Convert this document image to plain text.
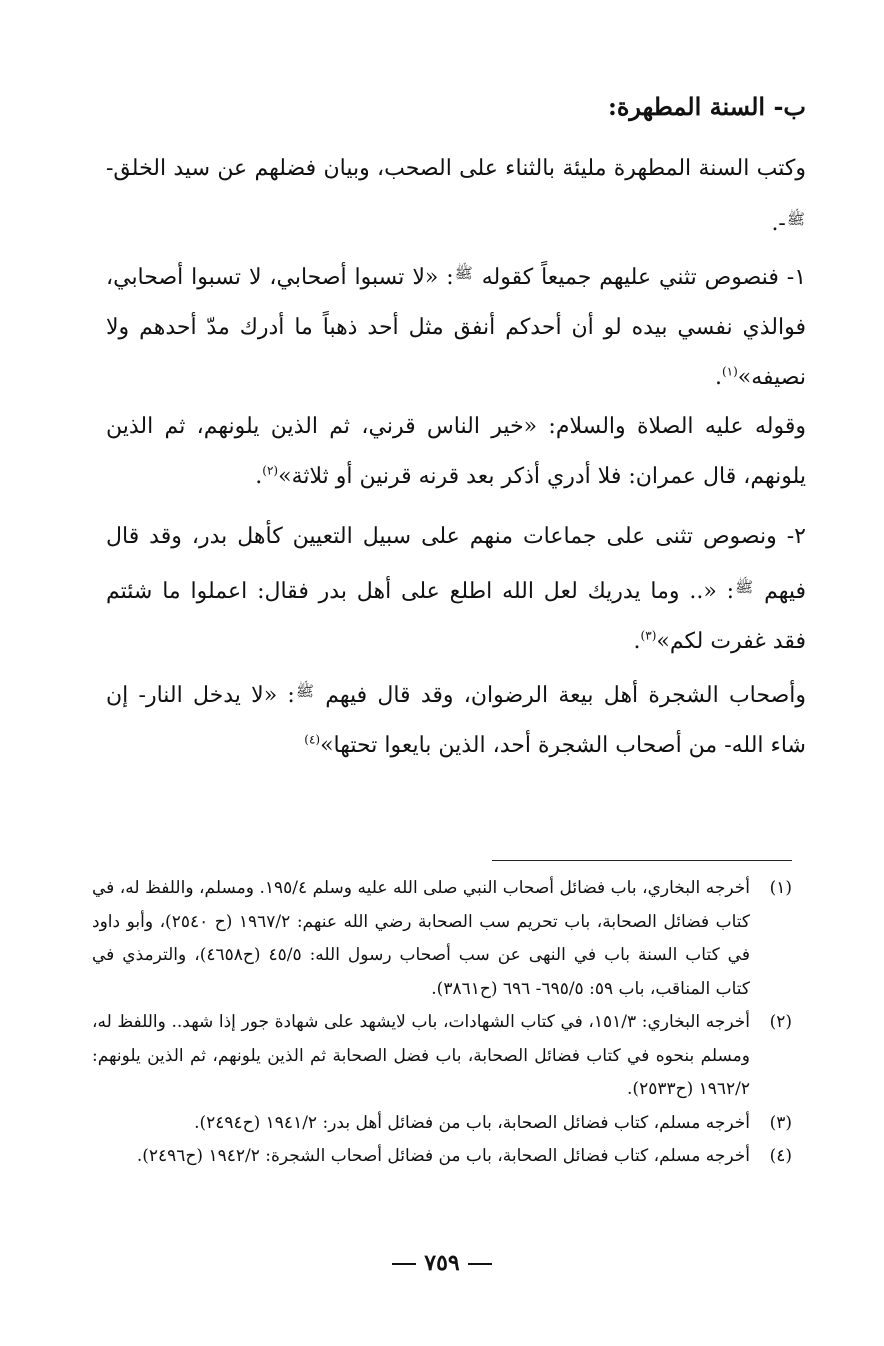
ب- السنة المطهرة:

وكتب السنة المطهرة مليئة بالثناء على الصحب، وبيان فضلهم عن سيد الخلق-$^ﷺ$-.

١- فنصوص تثني عليهم جميعاً كقوله $^ﷺ$: «لا تسبوا أصحابي، لا تسبوا أصحابي، فوالذي نفسي بيده لو أن أحدكم أنفق مثل أحد ذهباً ما أدرك مدّ أحدهم ولا نصيفه»$^{(١)}$.

وقوله عليه الصلاة والسلام: «خير الناس قرني، ثم الذين يلونهم، ثم الذين يلونهم، قال عمران: فلا أدري أذكر بعد قرنه قرنين أو ثلاثة»$^{(٢)}$.

٢- ونصوص تثنى على جماعات منهم على سبيل التعيين كأهل بدر، وقد قال فيهم $^ﷺ$: «.. وما يدريك لعل الله اطلع على أهل بدر فقال: اعملوا ما شئتم فقد غفرت لكم»$^{(٣)}$.

وأصحاب الشجرة أهل بيعة الرضوان، وقد قال فيهم $^ﷺ$: «لا يدخل النار- إن شاء الله- من أصحاب الشجرة أحد، الذين بايعوا تحتها»$^{(٤)}$

(١)
أخرجه البخاري، باب فضائل أصحاب النبي صلى الله عليه وسلم ١٩٥/٤. ومسلم، واللفظ له، في كتاب فضائل الصحابة، باب تحريم سب الصحابة رضي الله عنهم: ١٩٦٧/٢ (ح ٢٥٤٠)، وأبو داود في كتاب السنة باب في النهى عن سب أصحاب رسول الله: ٤٥/٥ (ح٤٦٥٨)، والترمذي في كتاب المناقب، باب ٥٩: ٦٩٥/٥- ٦٩٦ (ح٣٨٦١).
(٢)
أخرجه البخاري: ١٥١/٣، في كتاب الشهادات، باب لايشهد على شهادة جور إذا شهد.. واللفظ له، ومسلم بنحوه في كتاب فضائل الصحابة، باب فضل الصحابة ثم الذين يلونهم، ثم الذين يلونهم: ١٩٦٢/٢ (ح٢٥٣٣).
(٣)
أخرجه مسلم، كتاب فضائل الصحابة، باب من فضائل أهل بدر: ١٩٤١/٢ (ح٢٤٩٤).
(٤)
أخرجه مسلم، كتاب فضائل الصحابة، باب من فضائل أصحاب الشجرة: ١٩٤٢/٢ (ح٢٤٩٦).
٧٥٩
